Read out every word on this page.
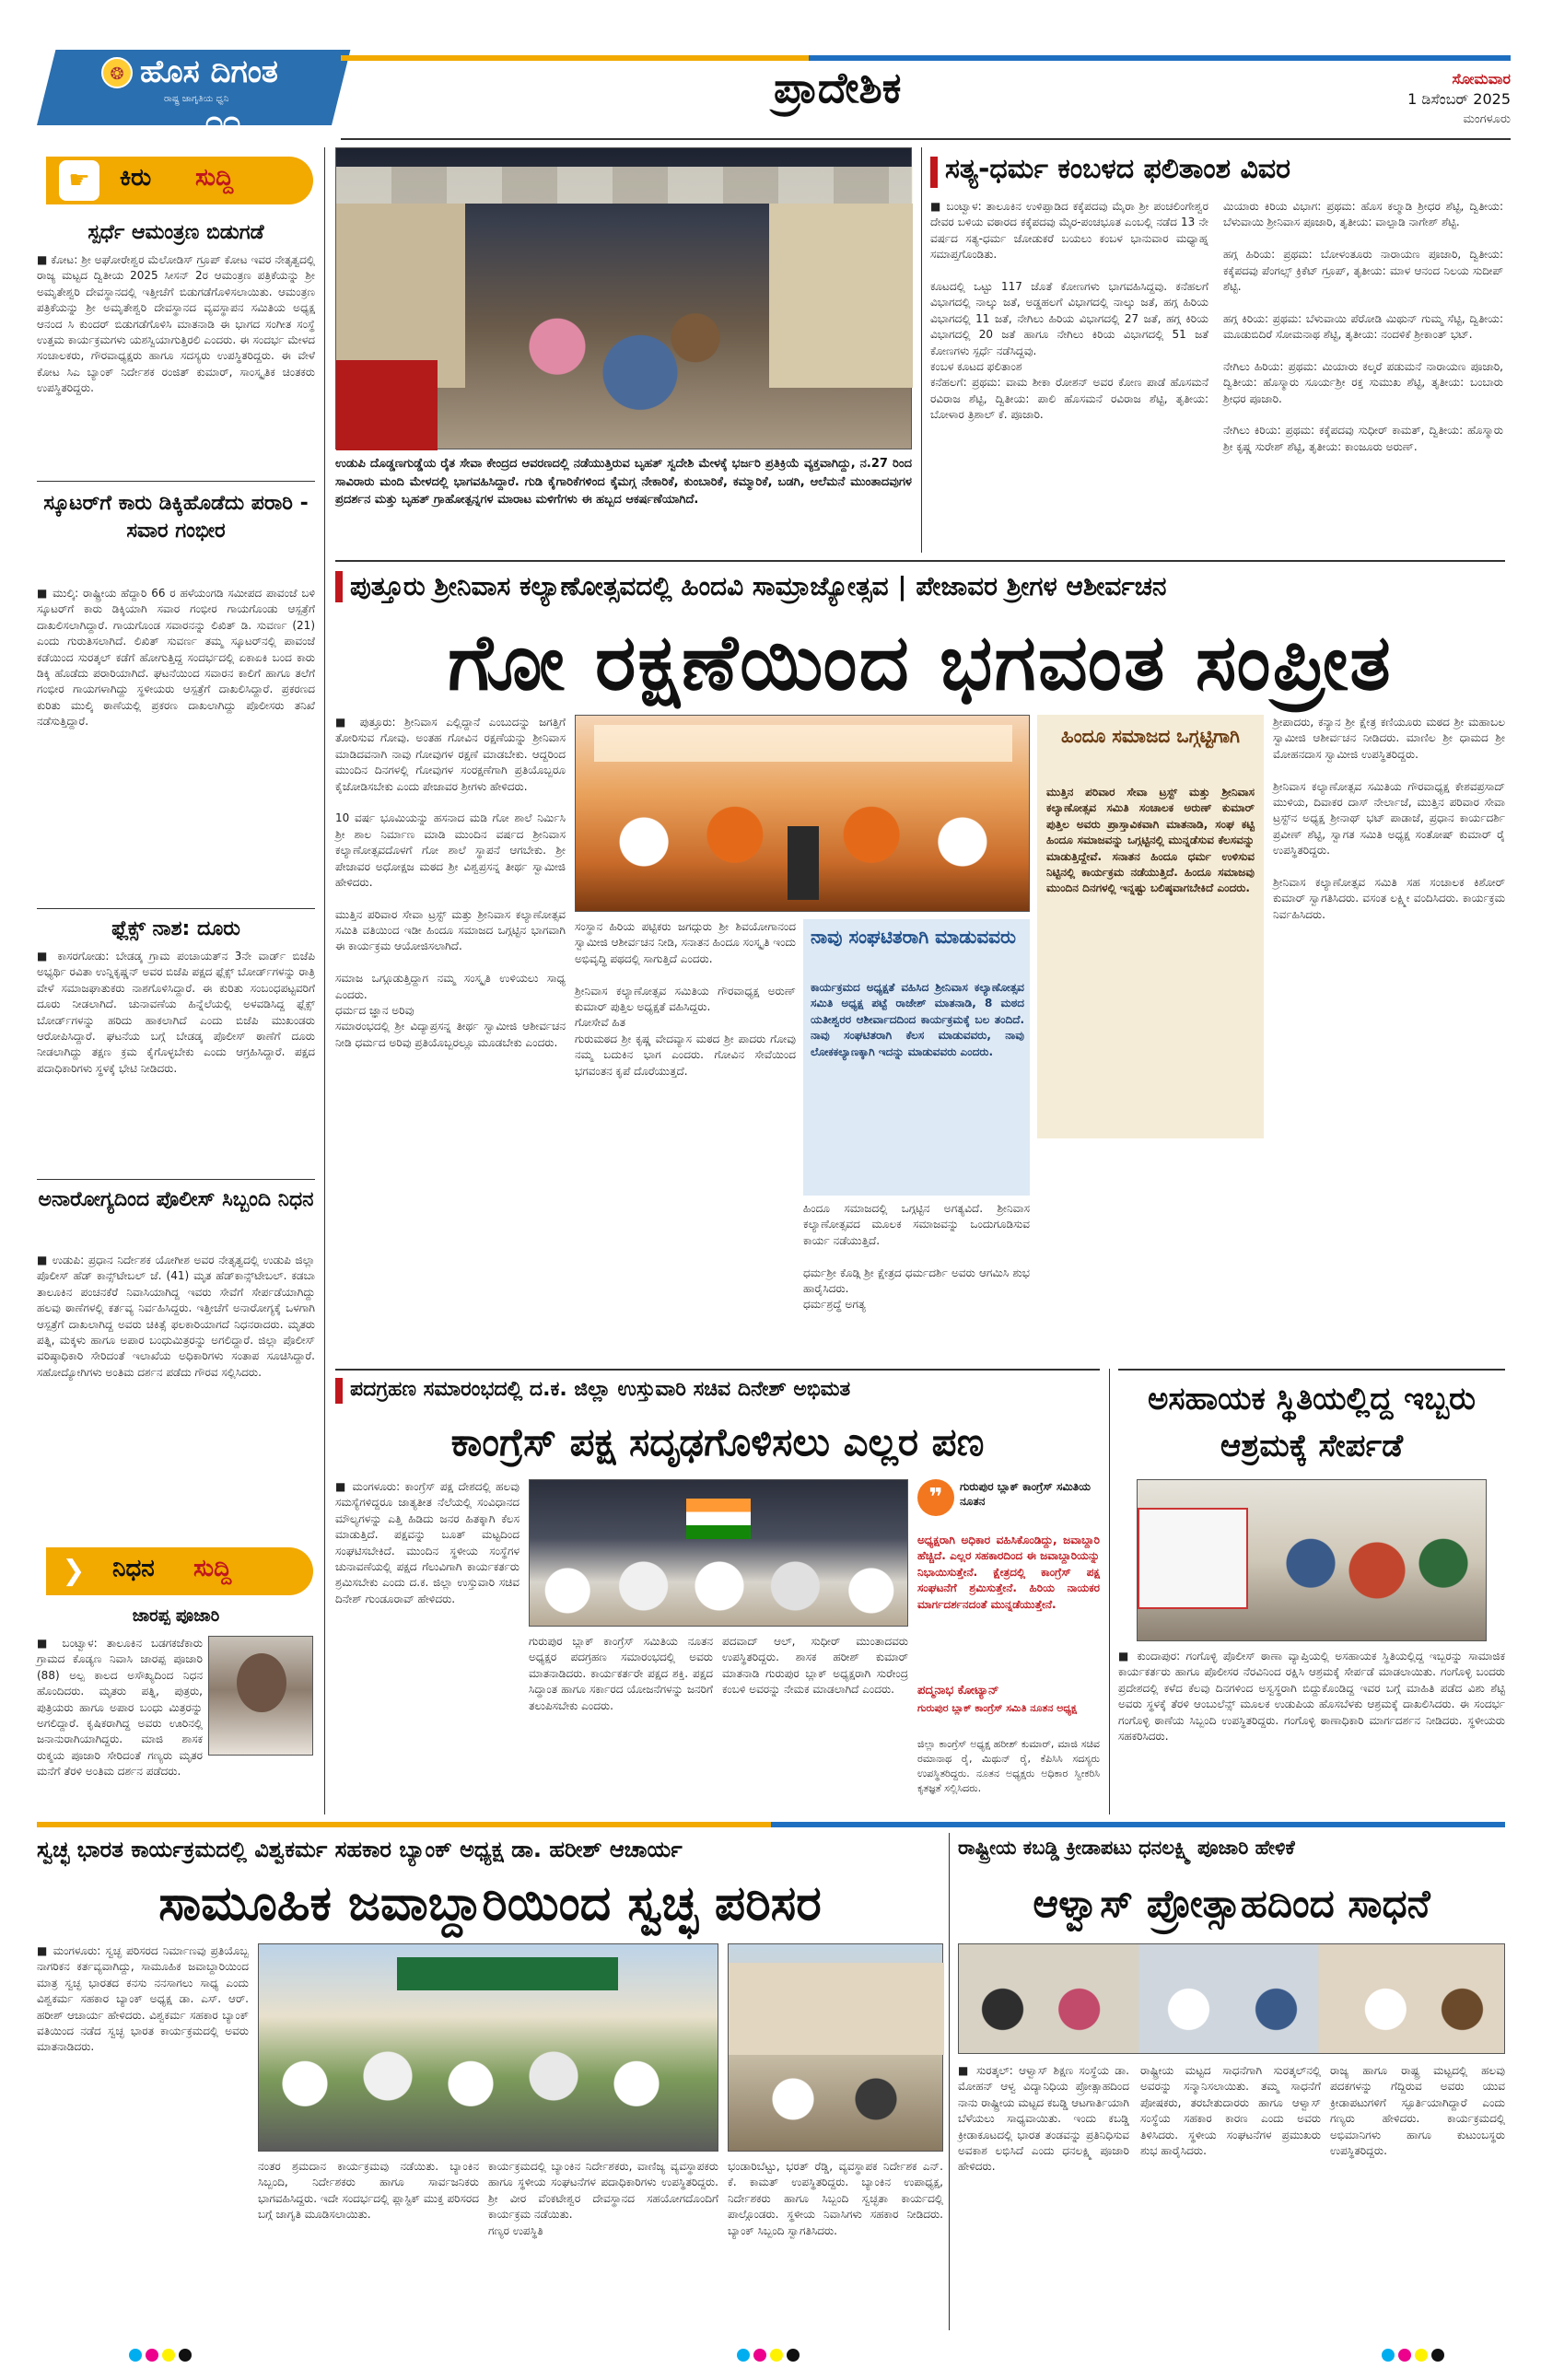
❂ ಹೊಸ ದಿಗಂತ
ರಾಷ್ಟ್ರ ಜಾಗೃತಿಯ ಧ್ವನಿ
೧೧
ಪ್ರಾದೇಶಿಕ	ಸೋಮವಾರ
1 ಡಿಸೆಂಬರ್ 2025
ಮಂಗಳೂರು
☛	ಕಿರು	ಸುದ್ದಿ
ಸ್ಪರ್ಧೆ ಆಮಂತ್ರಣ ಬಿಡುಗಡೆ
■ ಕೋಟ: ಶ್ರೀ ಅಘೋರೇಶ್ವರ ಮೆಲೋಡಿಸ್ ಗ್ರೂಪ್ ಕೋಟ ಇವರ ನೇತೃತ್ವದಲ್ಲಿ ರಾಜ್ಯ ಮಟ್ಟದ ದ್ವಿತೀಯ 2025 ಸೀಸನ್ 2ರ ಆಮಂತ್ರಣ ಪತ್ರಿಕೆಯನ್ನು ಶ್ರೀ ಅಮೃತೇಶ್ವರಿ ದೇವಸ್ಥಾನದಲ್ಲಿ ಇತ್ತೀಚೆಗೆ ಬಿಡುಗಡೆಗೊಳಿಸಲಾಯಿತು. ಆಮಂತ್ರಣ ಪತ್ರಿಕೆಯನ್ನು ಶ್ರೀ ಅಮೃತೇಶ್ವರಿ ದೇವಸ್ಥಾನದ ವ್ಯವಸ್ಥಾಪನ ಸಮಿತಿಯ ಅಧ್ಯಕ್ಷ ಆನಂದ ಸಿ ಕುಂದರ್ ಬಿಡುಗಡೆಗೊಳಿಸಿ ಮಾತನಾಡಿ ಈ ಭಾಗದ ಸಂಗೀತ ಸಂಸ್ಥೆ ಉತ್ತಮ ಕಾರ್ಯಕ್ರಮಗಳು ಯಶಸ್ವಿಯಾಗುತ್ತಿರಲಿ ಎಂದರು. ಈ ಸಂದರ್ಭ ಮೇಳದ ಸಂಚಾಲಕರು, ಗೌರವಾಧ್ಯಕ್ಷರು ಹಾಗೂ ಸದಸ್ಯರು ಉಪಸ್ಥಿತರಿದ್ದರು. ಈ ವೇಳೆ ಕೋಟ ಸಿಎ ಬ್ಯಾಂಕ್ ನಿರ್ದೇಶಕ ರಂಜಿತ್ ಕುಮಾರ್, ಸಾಂಸ್ಕೃತಿಕ ಚಿಂತಕರು ಉಪಸ್ಥಿತರಿದ್ದರು.
ಸ್ಕೂಟರ್‌ಗೆ ಕಾರು ಡಿಕ್ಕಿಹೊಡೆದು ಪರಾರಿ - ಸವಾರ ಗಂಭೀರ
■ ಮುಲ್ಕಿ: ರಾಷ್ಟ್ರೀಯ ಹೆದ್ದಾರಿ 66 ರ ಹಳೆಯಂಗಡಿ ಸಮೀಪದ ಪಾವಂಜೆ ಬಳಿ ಸ್ಕೂಟರ್‌ಗೆ ಕಾರು ಡಿಕ್ಕಿಯಾಗಿ ಸವಾರ ಗಂಭೀರ ಗಾಯಗೊಂಡು ಆಸ್ಪತ್ರೆಗೆ ದಾಖಲಿಸಲಾಗಿದ್ದಾರೆ. ಗಾಯಗೊಂಡ ಸವಾರನನ್ನು ಲಿಖಿತ್ ಡಿ. ಸುವರ್ಣ (21) ಎಂದು ಗುರುತಿಸಲಾಗಿದೆ. ಲಿಖಿತ್ ಸುವರ್ಣ ತಮ್ಮ ಸ್ಕೂಟರ್‌ನಲ್ಲಿ ಪಾವಂಜೆ ಕಡೆಯಿಂದ ಸುರತ್ಕಲ್ ಕಡೆಗೆ ಹೋಗುತ್ತಿದ್ದ ಸಂದರ್ಭದಲ್ಲಿ ಏಕಾಏಕಿ ಬಂದ ಕಾರು ಡಿಕ್ಕಿ ಹೊಡೆದು ಪರಾರಿಯಾಗಿದೆ. ಘಟನೆಯಿಂದ ಸವಾರನ ಕಾಲಿಗೆ ಹಾಗೂ ತಲೆಗೆ ಗಂಭೀರ ಗಾಯಗಳಾಗಿದ್ದು ಸ್ಥಳೀಯರು ಆಸ್ಪತ್ರೆಗೆ ದಾಖಲಿಸಿದ್ದಾರೆ. ಪ್ರಕರಣದ ಕುರಿತು ಮುಲ್ಕಿ ಠಾಣೆಯಲ್ಲಿ ಪ್ರಕರಣ ದಾಖಲಾಗಿದ್ದು ಪೊಲೀಸರು ತನಿಖೆ ನಡೆಸುತ್ತಿದ್ದಾರೆ.
ಫ್ಲೆಕ್ಸ್ ನಾಶ: ದೂರು
■ ಕಾಸರಗೋಡು: ಬೇಡಡ್ಕ ಗ್ರಾಮ ಪಂಚಾಯತ್‌ನ 3ನೇ ವಾರ್ಡ್ ಬಿಜೆಪಿ ಅಭ್ಯರ್ಥಿ ರವಿತಾ ಉನ್ನಿಕೃಷ್ಣನ್ ಅವರ ಬಿಜೆಪಿ ಪಕ್ಷದ ಫ್ಲೆಕ್ಸ್ ಬೋರ್ಡ್‌ಗಳನ್ನು ರಾತ್ರಿ ವೇಳೆ ಸಮಾಜಘಾತುಕರು ನಾಶಗೊಳಿಸಿದ್ದಾರೆ. ಈ ಕುರಿತು ಸಂಬಂಧಪಟ್ಟವರಿಗೆ ದೂರು ನೀಡಲಾಗಿದೆ. ಚುನಾವಣೆಯ ಹಿನ್ನೆಲೆಯಲ್ಲಿ ಅಳವಡಿಸಿದ್ದ ಫ್ಲೆಕ್ಸ್ ಬೋರ್ಡ್‌ಗಳನ್ನು ಹರಿದು ಹಾಕಲಾಗಿದೆ ಎಂದು ಬಿಜೆಪಿ ಮುಖಂಡರು ಆರೋಪಿಸಿದ್ದಾರೆ. ಘಟನೆಯ ಬಗ್ಗೆ ಬೇಡಡ್ಕ ಪೊಲೀಸ್ ಠಾಣೆಗೆ ದೂರು ನೀಡಲಾಗಿದ್ದು ತಕ್ಷಣ ಕ್ರಮ ಕೈಗೊಳ್ಳಬೇಕು ಎಂದು ಆಗ್ರಹಿಸಿದ್ದಾರೆ. ಪಕ್ಷದ ಪದಾಧಿಕಾರಿಗಳು ಸ್ಥಳಕ್ಕೆ ಭೇಟಿ ನೀಡಿದರು.
ಅನಾರೋಗ್ಯದಿಂದ ಪೊಲೀಸ್ ಸಿಬ್ಬಂದಿ ನಿಧನ
■ ಉಡುಪಿ: ಪ್ರಧಾನ ನಿರ್ದೇಶಕ ಯೋಗೀಶ ಅವರ ನೇತೃತ್ವದಲ್ಲಿ ಉಡುಪಿ ಜಿಲ್ಲಾ ಪೊಲೀಸ್ ಹೆಡ್ ಕಾನ್ಸ್‌ಟೇಬಲ್ ಜೆ. (41) ಮೃತ ಹೆಡ್‌ಕಾನ್ಸ್‌ಟೇಬಲ್. ಕಡಬಾ ತಾಲೂಕಿನ ಪಂಚನಕೆರೆ ನಿವಾಸಿಯಾಗಿದ್ದ ಇವರು ಸೇವೆಗೆ ಸೇರ್ಪಡೆಯಾಗಿದ್ದು ಹಲವು ಠಾಣೆಗಳಲ್ಲಿ ಕರ್ತವ್ಯ ನಿರ್ವಹಿಸಿದ್ದರು. ಇತ್ತೀಚೆಗೆ ಅನಾರೋಗ್ಯಕ್ಕೆ ಒಳಗಾಗಿ ಆಸ್ಪತ್ರೆಗೆ ದಾಖಲಾಗಿದ್ದ ಅವರು ಚಿಕಿತ್ಸೆ ಫಲಕಾರಿಯಾಗದೆ ನಿಧನರಾದರು. ಮೃತರು ಪತ್ನಿ, ಮಕ್ಕಳು ಹಾಗೂ ಅಪಾರ ಬಂಧುಮಿತ್ರರನ್ನು ಅಗಲಿದ್ದಾರೆ. ಜಿಲ್ಲಾ ಪೊಲೀಸ್ ವರಿಷ್ಠಾಧಿಕಾರಿ ಸೇರಿದಂತೆ ಇಲಾಖೆಯ ಅಧಿಕಾರಿಗಳು ಸಂತಾಪ ಸೂಚಿಸಿದ್ದಾರೆ. ಸಹೋದ್ಯೋಗಿಗಳು ಅಂತಿಮ ದರ್ಶನ ಪಡೆದು ಗೌರವ ಸಲ್ಲಿಸಿದರು.
❯ ನಿಧನ	ಸುದ್ದಿ
ಜಾರಪ್ಪ ಪೂಜಾರಿ
■ ಬಂಟ್ವಾಳ: ತಾಲೂಕಿನ ಬಡಗಕಜೆಕಾರು ಗ್ರಾಮದ ಕೊಡ್ಯಣ ನಿವಾಸಿ ಜಾರಪ್ಪ ಪೂಜಾರಿ (88) ಅಲ್ಪ ಕಾಲದ ಅಸೌಖ್ಯದಿಂದ ನಿಧನ ಹೊಂದಿದರು. ಮೃತರು ಪತ್ನಿ, ಪುತ್ರರು, ಪುತ್ರಿಯರು ಹಾಗೂ ಅಪಾರ ಬಂಧು ಮಿತ್ರರನ್ನು ಅಗಲಿದ್ದಾರೆ. ಕೃಷಿಕರಾಗಿದ್ದ ಅವರು ಊರಿನಲ್ಲಿ ಜನಾನುರಾಗಿಯಾಗಿದ್ದರು. ಮಾಜಿ ಶಾಸಕ ರುಕ್ಮಯ ಪೂಜಾರಿ ಸೇರಿದಂತೆ ಗಣ್ಯರು ಮೃತರ ಮನೆಗೆ ತೆರಳಿ ಅಂತಿಮ ದರ್ಶನ ಪಡೆದರು.
ಉಡುಪಿ ದೊಡ್ಡಣಗುಡ್ಡೆಯ ರೈತ ಸೇವಾ ಕೇಂದ್ರದ ಆವರಣದಲ್ಲಿ ನಡೆಯುತ್ತಿರುವ ಬೃಹತ್ ಸ್ವದೇಶಿ ಮೇಳಕ್ಕೆ ಭರ್ಜರಿ ಪ್ರತಿಕ್ರಿಯೆ ವ್ಯಕ್ತವಾಗಿದ್ದು, ನ.27 ರಿಂದ ಸಾವಿರಾರು ಮಂದಿ ಮೇಳದಲ್ಲಿ ಭಾಗವಹಿಸಿದ್ದಾರೆ. ಗುಡಿ ಕೈಗಾರಿಕೆಗಳಿಂದ ಕೈಮಗ್ಗ ನೇಕಾರಿಕೆ, ಕುಂಬಾರಿಕೆ, ಕಮ್ಮಾರಿಕೆ, ಬಡಗಿ, ಆಲೆಮನೆ ಮುಂತಾದವುಗಳ ಪ್ರದರ್ಶನ ಮತ್ತು ಬೃಹತ್ ಗ್ರಾಹೋತ್ಪನ್ನಗಳ ಮಾರಾಟ ಮಳಿಗೆಗಳು ಈ ಹಬ್ಬದ ಆಕರ್ಷಣೆಯಾಗಿದೆ.
ಸತ್ಯ-ಧರ್ಮ ಕಂಬಳದ ಫಲಿತಾಂಶ ವಿವರ
■ ಬಂಟ್ವಾಳ: ತಾಲೂಕಿನ ಉಳಿಪ್ಪಾಡಿದ ಕಕ್ಕೆಪದವು ಮೈರಾ ಶ್ರೀ ಪಂಚಲಿಂಗೇಶ್ವರ ದೇವರ ಬಳಿಯ ವಠಾರದ ಕಕ್ಕೆಪದವು ಮೈರ-ಪಂಚಭೂತ ಎಂಬಲ್ಲಿ ನಡೆದ 13 ನೇ ವರ್ಷದ ಸತ್ಯ-ಧರ್ಮ ಜೋಡುಕರೆ ಬಯಲು ಕಂಬಳ ಭಾನುವಾರ ಮಧ್ಯಾಹ್ನ ಸಮಾಪ್ತಗೊಂಡಿತು.

ಕೂಟದಲ್ಲಿ ಒಟ್ಟು 117 ಜೊತೆ ಕೋಣಗಳು ಭಾಗವಹಿಸಿದ್ದವು. ಕನೆಹಲಗೆ ವಿಭಾಗದಲ್ಲಿ ನಾಲ್ಕು ಜತೆ, ಅಡ್ಡಹಲಗೆ ವಿಭಾಗದಲ್ಲಿ ನಾಲ್ಕು ಜತೆ, ಹಗ್ಗ ಹಿರಿಯ ವಿಭಾಗದಲ್ಲಿ 11 ಜತೆ, ನೇಗಿಲು ಹಿರಿಯ ವಿಭಾಗದಲ್ಲಿ 27 ಜತೆ, ಹಗ್ಗ ಕಿರಿಯ ವಿಭಾಗದಲ್ಲಿ 20 ಜತೆ ಹಾಗೂ ನೇಗಿಲು ಕಿರಿಯ ವಿಭಾಗದಲ್ಲಿ 51 ಜತೆ ಕೋಣಗಳು ಸ್ಪರ್ಧೆ ನಡೆಸಿದ್ದವು.
ಕಂಬಳ ಕೂಟದ ಫಲಿತಾಂಶ
ಕನೆಹಲಗೆ: ಪ್ರಥಮ: ವಾಮ ಶೀಕಾ ರೋಶನ್ ಅವರ ಕೋಣ ಪಾಡೆ ಹೊಸಮನೆ ರವಿರಾಜ ಶೆಟ್ಟಿ, ದ್ವಿತೀಯ: ಪಾಲಿ ಹೊಸಮನೆ ರವಿರಾಜ ಶೆಟ್ಟಿ, ತೃತೀಯ: ಬೋಳಾರ ತ್ರಿಶಾಲ್ ಕೆ. ಪೂಜಾರಿ.
ಮಿಯಾರು ಕಿರಿಯ ವಿಭಾಗ: ಪ್ರಥಮ: ಹೊಸ ಕಲ್ಮಾಡಿ ಶ್ರೀಧರ ಶೆಟ್ಟಿ, ದ್ವಿತೀಯ: ಬೆಳುವಾಯಿ ಶ್ರೀನಿವಾಸ ಪೂಜಾರಿ, ತೃತೀಯ: ವಾಲ್ಪಾಡಿ ನಾಗೇಶ್ ಶೆಟ್ಟಿ.

ಹಗ್ಗ ಹಿರಿಯ: ಪ್ರಥಮ: ಬೋಳಂತೂರು ನಾರಾಯಣ ಪೂಜಾರಿ, ದ್ವಿತೀಯ: ಕಕ್ಕೆಪದವು ಪೆಂಗಲ್ಸ್ ಕ್ರಿಕೆಟ್ ಗ್ರೂಪ್, ತೃತೀಯ: ಮಾಳ ಆನಂದ ನಿಲಯ ಸುದೀಪ್ ಶೆಟ್ಟಿ.

ಹಗ್ಗ ಕಿರಿಯ: ಪ್ರಥಮ: ಬೆಳುವಾಯಿ ಪೆರೋಡಿ ಮಿಥುನ್ ಗುಮ್ಮ ಸೆಟ್ಟಿ, ದ್ವಿತೀಯ: ಮೂಡುಬಿದಿರೆ ಸೋಮನಾಥ ಶೆಟ್ಟಿ, ತೃತೀಯ: ನಂದಳಿಕೆ ಶ್ರೀಕಾಂತ್ ಭಟ್.

ನೇಗಿಲು ಹಿರಿಯ: ಪ್ರಥಮ: ಮಿಯಾರು ಕಲ್ಕರೆ ಪಡುಮನೆ ನಾರಾಯಣ ಪೂಜಾರಿ, ದ್ವಿತೀಯ: ಹೊಸ್ಮಾರು ಸೂರ್ಯಶ್ರೀ ರಕ್ತ ಸುಮುಖ ಶೆಟ್ಟಿ, ತೃತೀಯ: ಬಂಬಾರು ಶ್ರೀಧರ ಪೂಜಾರಿ.

ನೇಗಿಲು ಕಿರಿಯ: ಪ್ರಥಮ: ಕಕ್ಕೆಪದವು ಸುಧೀರ್ ಕಾಮತ್, ದ್ವಿತೀಯ: ಹೊಸ್ಮಾರು ಶ್ರೀ ಕೃಷ್ಣ ಸುರೇಶ್ ಶೆಟ್ಟಿ, ತೃತೀಯ: ಕಾಂಜೂರು ಅರುಣ್.
ಪುತ್ತೂರು ಶ್ರೀನಿವಾಸ ಕಲ್ಯಾಣೋತ್ಸವದಲ್ಲಿ ಹಿಂದವಿ ಸಾಮ್ರಾಜ್ಯೋತ್ಸವ | ಪೇಜಾವರ ಶ್ರೀಗಳ ಆಶೀರ್ವಚನ
ಗೋ ರಕ್ಷಣೆಯಿಂದ ಭಗವಂತ ಸಂಪ್ರೀತ
■ ಪುತ್ತೂರು: ಶ್ರೀನಿವಾಸ ಎಲ್ಲಿದ್ದಾನೆ ಎಂಬುದನ್ನು ಜಗತ್ತಿಗೆ ತೋರಿಸುವ ಗೋವು. ಅಂತಹ ಗೋವಿನ ರಕ್ಷಣೆಯನ್ನು ಶ್ರೀನಿವಾಸ ಮಾಡಿದವನಾಗಿ ನಾವು ಗೋವುಗಳ ರಕ್ಷಣೆ ಮಾಡಬೇಕು. ಆದ್ದರಿಂದ ಮುಂದಿನ ದಿನಗಳಲ್ಲಿ ಗೋವುಗಳ ಸಂರಕ್ಷಣೆಗಾಗಿ ಪ್ರತಿಯೊಬ್ಬರೂ ಕೈಜೋಡಿಸಬೇಕು ಎಂದು ಪೇಜಾವರ ಶ್ರೀಗಳು ಹೇಳಿದರು.

10 ವರ್ಷ ಭೂಮಿಯನ್ನು ಹಸನಾದ ಮಡಿ ಗೋ ಶಾಲೆ ನಿರ್ಮಿಸಿ ಶ್ರೀ ಶಾಲ ನಿರ್ಮಾಣ ಮಾಡಿ ಮುಂದಿನ ವರ್ಷದ ಶ್ರೀನಿವಾಸ ಕಲ್ಯಾಣೋತ್ಸವದೊಳಗೆ ಗೋ ಶಾಲೆ ಸ್ಥಾಪನೆ ಆಗಬೇಕು. ಶ್ರೀ ಪೇಜಾವರ ಅಧೋಕ್ಷಜ ಮಠದ ಶ್ರೀ ವಿಶ್ವಪ್ರಸನ್ನ ತೀರ್ಥ ಸ್ವಾಮೀಜಿ ಹೇಳಿದರು.

ಮುತ್ತಿನ ಪರಿವಾರ ಸೇವಾ ಟ್ರಸ್ಟ್ ಮತ್ತು ಶ್ರೀನಿವಾಸ ಕಲ್ಯಾಣೋತ್ಸವ ಸಮಿತಿ ವತಿಯಿಂದ ಇಡೀ ಹಿಂದೂ ಸಮಾಜದ ಒಗ್ಗಟ್ಟಿನ ಭಾಗವಾಗಿ ಈ ಕಾರ್ಯಕ್ರಮ ಆಯೋಜಿಸಲಾಗಿದೆ.

ಸಮಾಜ ಒಗ್ಗೂಡುತ್ತಿದ್ದಾಗ ನಮ್ಮ ಸಂಸ್ಕೃತಿ ಉಳಿಯಲು ಸಾಧ್ಯ ಎಂದರು.
ಧರ್ಮದ ಜ್ಞಾನ ಅರಿವು
ಸಮಾರಂಭದಲ್ಲಿ ಶ್ರೀ ವಿದ್ಯಾಪ್ರಸನ್ನ ತೀರ್ಥ ಸ್ವಾಮೀಜಿ ಆಶೀರ್ವಚನ ನೀಡಿ ಧರ್ಮದ ಅರಿವು ಪ್ರತಿಯೊಬ್ಬರಲ್ಲೂ ಮೂಡಬೇಕು ಎಂದರು.
ಸಂಸ್ಥಾನ ಹಿರಿಯ ಪಟ್ಟಿಕರು ಜಗದ್ಗುರು ಶ್ರೀ ಶಿವಯೋಗಾನಂದ ಸ್ವಾಮೀಜಿ ಆಶೀರ್ವಚನ ನೀಡಿ, ಸನಾತನ ಹಿಂದೂ ಸಂಸ್ಕೃತಿ ಇಂದು ಅಭಿವೃದ್ಧಿ ಪಥದಲ್ಲಿ ಸಾಗುತ್ತಿದೆ ಎಂದರು.

ಶ್ರೀನಿವಾಸ ಕಲ್ಯಾಣೋತ್ಸವ ಸಮಿತಿಯ ಗೌರವಾಧ್ಯಕ್ಷ ಅರುಣ್ ಕುಮಾರ್ ಪುತ್ತಿಲ ಅಧ್ಯಕ್ಷತೆ ವಹಿಸಿದ್ದರು.
ಗೋಸೇವೆ ಹಿತ
ಗುರುಮಠದ ಶ್ರೀ ಕೃಷ್ಣ ವೇದವ್ಯಾಸ ಮಠದ ಶ್ರೀ ಪಾದರು ಗೋವು ನಮ್ಮ ಬದುಕಿನ ಭಾಗ ಎಂದರು. ಗೋವಿನ ಸೇವೆಯಿಂದ ಭಗವಂತನ ಕೃಪೆ ದೊರೆಯುತ್ತದೆ.
ನಾವು ಸಂಘಟಿತರಾಗಿ ಮಾಡುವವರು
ಕಾರ್ಯಕ್ರಮದ ಅಧ್ಯಕ್ಷತೆ ವಹಿಸಿದ ಶ್ರೀನಿವಾಸ ಕಲ್ಯಾಣೋತ್ಸವ ಸಮಿತಿ ಅಧ್ಯಕ್ಷ ಪಟ್ಟೆ ರಾಜೇಶ್ ಮಾತನಾಡಿ, 8 ಮಠದ ಯತೀಶ್ವರರ ಆಶೀರ್ವಾದದಿಂದ ಕಾರ್ಯಕ್ರಮಕ್ಕೆ ಬಲ ತಂದಿದೆ. ನಾವು ಸಂಘಟಿತರಾಗಿ ಕೆಲಸ ಮಾಡುವವರು, ನಾವು ಲೋಕಕಲ್ಯಾಣಕ್ಕಾಗಿ ಇದನ್ನು ಮಾಡುವವರು ಎಂದರು.
ಹಿಂದೂ ಸಮಾಜದಲ್ಲಿ ಒಗ್ಗಟ್ಟಿನ ಅಗತ್ಯವಿದೆ. ಶ್ರೀನಿವಾಸ ಕಲ್ಯಾಣೋತ್ಸವದ ಮೂಲಕ ಸಮಾಜವನ್ನು ಒಂದುಗೂಡಿಸುವ ಕಾರ್ಯ ನಡೆಯುತ್ತಿದೆ.

ಧರ್ಮಶ್ರೀ ಕೊಡ್ಗಿ ಶ್ರೀ ಕ್ಷೇತ್ರದ ಧರ್ಮದರ್ಶಿ ಅವರು ಆಗಮಿಸಿ ಶುಭ ಹಾರೈಸಿದರು.
ಧರ್ಮಶ್ರದ್ಧೆ ಅಗತ್ಯ
ಹಿಂದೂ ಸಮಾಜದ ಒಗ್ಗಟ್ಟಿಗಾಗಿ
ಮುತ್ತಿನ ಪರಿವಾರ ಸೇವಾ ಟ್ರಸ್ಟ್ ಮತ್ತು ಶ್ರೀನಿವಾಸ ಕಲ್ಯಾಣೋತ್ಸವ ಸಮಿತಿ ಸಂಚಾಲಕ ಅರುಣ್ ಕುಮಾರ್ ಪುತ್ತಿಲ ಅವರು ಪ್ರಾಸ್ತಾವಿಕವಾಗಿ ಮಾತನಾಡಿ, ಸಂಘ ಕಟ್ಟಿ ಹಿಂದೂ ಸಮಾಜವನ್ನು ಒಗ್ಗಟ್ಟಿನಲ್ಲಿ ಮುನ್ನಡೆಸುವ ಕೆಲಸವನ್ನು ಮಾಡುತ್ತಿದ್ದೇವೆ. ಸನಾತನ ಹಿಂದೂ ಧರ್ಮ ಉಳಿಸುವ ನಿಟ್ಟಿನಲ್ಲಿ ಕಾರ್ಯಕ್ರಮ ನಡೆಯುತ್ತಿದೆ. ಹಿಂದೂ ಸಮಾಜವು ಮುಂದಿನ ದಿನಗಳಲ್ಲಿ ಇನ್ನಷ್ಟು ಬಲಿಷ್ಠವಾಗಬೇಕಿದೆ ಎಂದರು.
ಶ್ರೀಪಾದರು, ಕನ್ಯಾನ ಶ್ರೀ ಕ್ಷೇತ್ರ ಕಣಿಯೂರು ಮಠದ ಶ್ರೀ ಮಹಾಬಲ ಸ್ವಾಮೀಜಿ ಆಶೀರ್ವಚನ ನೀಡಿದರು. ಮಾಣಿಲ ಶ್ರೀ ಧಾಮದ ಶ್ರೀ ಮೋಹನದಾಸ ಸ್ವಾಮೀಜಿ ಉಪಸ್ಥಿತರಿದ್ದರು.

ಶ್ರೀನಿವಾಸ ಕಲ್ಯಾಣೋತ್ಸವ ಸಮಿತಿಯ ಗೌರವಾಧ್ಯಕ್ಷ ಕೇಶವಪ್ರಸಾದ್ ಮುಳಿಯ, ದಿವಾಕರ ದಾಸ್ ನೇರ್ಲಾಜೆ, ಮುತ್ತಿನ ಪರಿವಾರ ಸೇವಾ ಟ್ರಸ್ಟ್‌ನ ಅಧ್ಯಕ್ಷ ಶ್ರೀನಾಥ್ ಭಟ್ ಪಾಡಾಜೆ, ಪ್ರಧಾನ ಕಾರ್ಯದರ್ಶಿ ಪ್ರವೀಣ್ ಶೆಟ್ಟಿ, ಸ್ವಾಗತ ಸಮಿತಿ ಅಧ್ಯಕ್ಷ ಸಂತೋಷ್ ಕುಮಾರ್ ರೈ ಉಪಸ್ಥಿತರಿದ್ದರು.

ಶ್ರೀನಿವಾಸ ಕಲ್ಯಾಣೋತ್ಸವ ಸಮಿತಿ ಸಹ ಸಂಚಾಲಕ ಕಿಶೋರ್ ಕುಮಾರ್ ಸ್ವಾಗತಿಸಿದರು. ವಸಂತ ಲಕ್ಷ್ಮೀ ವಂದಿಸಿದರು. ಕಾರ್ಯಕ್ರಮ ನಿರ್ವಹಿಸಿದರು.
ಪದಗ್ರಹಣ ಸಮಾರಂಭದಲ್ಲಿ ದ.ಕ. ಜಿಲ್ಲಾ ಉಸ್ತುವಾರಿ ಸಚಿವ ದಿನೇಶ್ ಅಭಿಮತ
ಕಾಂಗ್ರೆಸ್ ಪಕ್ಷ ಸದೃಢಗೊಳಿಸಲು ಎಲ್ಲರ ಪಣ
■ ಮಂಗಳೂರು: ಕಾಂಗ್ರೆಸ್ ಪಕ್ಷ ದೇಶದಲ್ಲಿ ಹಲವು ಸಮಸ್ಯೆಗಳಿದ್ದರೂ ಜಾತ್ಯತೀತ ನೆಲೆಯಲ್ಲಿ ಸಂವಿಧಾನದ ಮೌಲ್ಯಗಳನ್ನು ಎತ್ತಿ ಹಿಡಿದು ಜನರ ಹಿತಕ್ಕಾಗಿ ಕೆಲಸ ಮಾಡುತ್ತಿದೆ. ಪಕ್ಷವನ್ನು ಬೂತ್ ಮಟ್ಟದಿಂದ ಸಂಘಟಿಸಬೇಕಿದೆ. ಮುಂದಿನ ಸ್ಥಳೀಯ ಸಂಸ್ಥೆಗಳ ಚುನಾವಣೆಯಲ್ಲಿ ಪಕ್ಷದ ಗೆಲುವಿಗಾಗಿ ಕಾರ್ಯಕರ್ತರು ಶ್ರಮಿಸಬೇಕು ಎಂದು ದ.ಕ. ಜಿಲ್ಲಾ ಉಸ್ತುವಾರಿ ಸಚಿವ ದಿನೇಶ್ ಗುಂಡೂರಾವ್ ಹೇಳಿದರು.
ಗುರುಪುರ ಬ್ಲಾಕ್ ಕಾಂಗ್ರೆಸ್ ಸಮಿತಿಯ ನೂತನ ಅಧ್ಯಕ್ಷರ ಪದಗ್ರಹಣ ಸಮಾರಂಭದಲ್ಲಿ ಅವರು ಮಾತನಾಡಿದರು. ಕಾರ್ಯಕರ್ತರೇ ಪಕ್ಷದ ಶಕ್ತಿ. ಪಕ್ಷದ ಸಿದ್ಧಾಂತ ಹಾಗೂ ಸರ್ಕಾರದ ಯೋಜನೆಗಳನ್ನು ಜನರಿಗೆ ತಲುಪಿಸಬೇಕು ಎಂದರು.
ಪದವಾದ್ ಆಲ್, ಸುಧೀರ್ ಮುಂತಾದವರು ಉಪಸ್ಥಿತರಿದ್ದರು. ಶಾಸಕ ಹರೀಶ್ ಕುಮಾರ್ ಮಾತನಾಡಿ ಗುರುಪುರ ಬ್ಲಾಕ್ ಅಧ್ಯಕ್ಷರಾಗಿ ಸುರೇಂದ್ರ ಕಂಬಳಿ ಅವರನ್ನು ನೇಮಕ ಮಾಡಲಾಗಿದೆ ಎಂದರು.
❞	ಗುರುಪುರ ಬ್ಲಾಕ್ ಕಾಂಗ್ರೆಸ್ ಸಮಿತಿಯ ನೂತನ
ಅಧ್ಯಕ್ಷರಾಗಿ ಅಧಿಕಾರ ವಹಿಸಿಕೊಂಡಿದ್ದು, ಜವಾಬ್ದಾರಿ ಹೆಚ್ಚಿದೆ. ಎಲ್ಲರ ಸಹಕಾರದಿಂದ ಈ ಜವಾಬ್ದಾರಿಯನ್ನು ನಿಭಾಯಿಸುತ್ತೇನೆ. ಕ್ಷೇತ್ರದಲ್ಲಿ ಕಾಂಗ್ರೆಸ್ ಪಕ್ಷ ಸಂಘಟನೆಗೆ ಶ್ರಮಿಸುತ್ತೇನೆ. ಹಿರಿಯ ನಾಯಕರ ಮಾರ್ಗದರ್ಶನದಂತೆ ಮುನ್ನಡೆಯುತ್ತೇನೆ.
ಪದ್ಮನಾಭ ಕೋಟ್ಯಾನ್
ಗುರುಪುರ ಬ್ಲಾಕ್ ಕಾಂಗ್ರೆಸ್ ಸಮಿತಿ ನೂತನ ಅಧ್ಯಕ್ಷ
ಜಿಲ್ಲಾ ಕಾಂಗ್ರೆಸ್ ಅಧ್ಯಕ್ಷ ಹರೀಶ್ ಕುಮಾರ್, ಮಾಜಿ ಸಚಿವ ರಮಾನಾಥ ರೈ, ಮಿಥುನ್ ರೈ, ಕೆಪಿಸಿಸಿ ಸದಸ್ಯರು ಉಪಸ್ಥಿತರಿದ್ದರು. ನೂತನ ಅಧ್ಯಕ್ಷರು ಅಧಿಕಾರ ಸ್ವೀಕರಿಸಿ ಕೃತಜ್ಞತೆ ಸಲ್ಲಿಸಿದರು.
ಅಸಹಾಯಕ ಸ್ಥಿತಿಯಲ್ಲಿದ್ದ ಇಬ್ಬರು ಆಶ್ರಮಕ್ಕೆ ಸೇರ್ಪಡೆ
■ ಕುಂದಾಪುರ: ಗಂಗೊಳ್ಳಿ ಪೊಲೀಸ್ ಠಾಣಾ ವ್ಯಾಪ್ತಿಯಲ್ಲಿ ಅಸಹಾಯಕ ಸ್ಥಿತಿಯಲ್ಲಿದ್ದ ಇಬ್ಬರನ್ನು ಸಾಮಾಜಿಕ ಕಾರ್ಯಕರ್ತರು ಹಾಗೂ ಪೊಲೀಸರ ನೆರವಿನಿಂದ ರಕ್ಷಿಸಿ ಆಶ್ರಮಕ್ಕೆ ಸೇರ್ಪಡೆ ಮಾಡಲಾಯಿತು. ಗಂಗೊಳ್ಳಿ ಬಂದರು ಪ್ರದೇಶದಲ್ಲಿ ಕಳೆದ ಕೆಲವು ದಿನಗಳಿಂದ ಅಸ್ವಸ್ಥರಾಗಿ ಬಿದ್ದುಕೊಂಡಿದ್ದ ಇವರ ಬಗ್ಗೆ ಮಾಹಿತಿ ಪಡೆದ ವಿಶು ಶೆಟ್ಟಿ ಅವರು ಸ್ಥಳಕ್ಕೆ ತೆರಳಿ ಆಂಬುಲೆನ್ಸ್ ಮೂಲಕ ಉಡುಪಿಯ ಹೊಸಬೆಳಕು ಆಶ್ರಮಕ್ಕೆ ದಾಖಲಿಸಿದರು. ಈ ಸಂದರ್ಭ ಗಂಗೊಳ್ಳಿ ಠಾಣೆಯ ಸಿಬ್ಬಂದಿ ಉಪಸ್ಥಿತರಿದ್ದರು. ಗಂಗೊಳ್ಳಿ ಠಾಣಾಧಿಕಾರಿ ಮಾರ್ಗದರ್ಶನ ನೀಡಿದರು. ಸ್ಥಳೀಯರು ಸಹಕರಿಸಿದರು.
ಸ್ವಚ್ಛ ಭಾರತ ಕಾರ್ಯಕ್ರಮದಲ್ಲಿ ವಿಶ್ವಕರ್ಮ ಸಹಕಾರ ಬ್ಯಾಂಕ್ ಅಧ್ಯಕ್ಷ ಡಾ. ಹರೀಶ್ ಆಚಾರ್ಯ
ಸಾಮೂಹಿಕ ಜವಾಬ್ದಾರಿಯಿಂದ ಸ್ವಚ್ಛ ಪರಿಸರ
■ ಮಂಗಳೂರು: ಸ್ವಚ್ಛ ಪರಿಸರದ ನಿರ್ಮಾಣವು ಪ್ರತಿಯೊಬ್ಬ ನಾಗರಿಕನ ಕರ್ತವ್ಯವಾಗಿದ್ದು, ಸಾಮೂಹಿಕ ಜವಾಬ್ದಾರಿಯಿಂದ ಮಾತ್ರ ಸ್ವಚ್ಛ ಭಾರತದ ಕನಸು ನನಸಾಗಲು ಸಾಧ್ಯ ಎಂದು ವಿಶ್ವಕರ್ಮ ಸಹಕಾರ ಬ್ಯಾಂಕ್ ಅಧ್ಯಕ್ಷ ಡಾ. ಎಸ್. ಆರ್. ಹರೀಶ್ ಆಚಾರ್ಯ ಹೇಳಿದರು. ವಿಶ್ವಕರ್ಮ ಸಹಕಾರ ಬ್ಯಾಂಕ್ ವತಿಯಿಂದ ನಡೆದ ಸ್ವಚ್ಛ ಭಾರತ ಕಾರ್ಯಕ್ರಮದಲ್ಲಿ ಅವರು ಮಾತನಾಡಿದರು.
ನಂತರ ಶ್ರಮದಾನ ಕಾರ್ಯಕ್ರಮವು ನಡೆಯಿತು. ಬ್ಯಾಂಕಿನ ಸಿಬ್ಬಂದಿ, ನಿರ್ದೇಶಕರು ಹಾಗೂ ಸಾರ್ವಜನಿಕರು ಭಾಗವಹಿಸಿದ್ದರು. ಇದೇ ಸಂದರ್ಭದಲ್ಲಿ ಪ್ಲಾಸ್ಟಿಕ್ ಮುಕ್ತ ಪರಿಸರದ ಬಗ್ಗೆ ಜಾಗೃತಿ ಮೂಡಿಸಲಾಯಿತು.
ಕಾರ್ಯಕ್ರಮದಲ್ಲಿ ಬ್ಯಾಂಕಿನ ನಿರ್ದೇಶಕರು, ವಾಣಿಜ್ಯ ವ್ಯವಸ್ಥಾಪಕರು ಹಾಗೂ ಸ್ಥಳೀಯ ಸಂಘಟನೆಗಳ ಪದಾಧಿಕಾರಿಗಳು ಉಪಸ್ಥಿತರಿದ್ದರು. ಶ್ರೀ ವೀರ ವೆಂಕಟೇಶ್ವರ ದೇವಸ್ಥಾನದ ಸಹಯೋಗದೊಂದಿಗೆ ಕಾರ್ಯಕ್ರಮ ನಡೆಯಿತು.
ಗಣ್ಯರ ಉಪಸ್ಥಿತಿ
ಭಂಡಾರಿಬೆಟ್ಟು, ಭರತ್ ರೆಡ್ಡಿ, ವ್ಯವಸ್ಥಾಪಕ ನಿರ್ದೇಶಕ ಎನ್. ಕೆ. ಕಾಮತ್ ಉಪಸ್ಥಿತರಿದ್ದರು. ಬ್ಯಾಂಕಿನ ಉಪಾಧ್ಯಕ್ಷ, ನಿರ್ದೇಶಕರು ಹಾಗೂ ಸಿಬ್ಬಂದಿ ಸ್ವಚ್ಛತಾ ಕಾರ್ಯದಲ್ಲಿ ಪಾಲ್ಗೊಂಡರು. ಸ್ಥಳೀಯ ನಿವಾಸಿಗಳು ಸಹಕಾರ ನೀಡಿದರು. ಬ್ಯಾಂಕ್ ಸಿಬ್ಬಂದಿ ಸ್ವಾಗತಿಸಿದರು.
ರಾಷ್ಟ್ರೀಯ ಕಬಡ್ಡಿ ಕ್ರೀಡಾಪಟು ಧನಲಕ್ಷ್ಮಿ ಪೂಜಾರಿ ಹೇಳಿಕೆ
ಆಳ್ವಾಸ್ ಪ್ರೋತ್ಸಾಹದಿಂದ ಸಾಧನೆ
■ ಸುರತ್ಕಲ್: ಆಳ್ವಾಸ್ ಶಿಕ್ಷಣ ಸಂಸ್ಥೆಯ ಡಾ. ಮೋಹನ್ ಆಳ್ವ ವಿದ್ಯಾನಿಧಿಯ ಪ್ರೋತ್ಸಾಹದಿಂದ ನಾನು ರಾಷ್ಟ್ರೀಯ ಮಟ್ಟದ ಕಬಡ್ಡಿ ಆಟಗಾರ್ತಿಯಾಗಿ ಬೆಳೆಯಲು ಸಾಧ್ಯವಾಯಿತು. ಇಂದು ಕಬಡ್ಡಿ ಕ್ರೀಡಾಕೂಟದಲ್ಲಿ ಭಾರತ ತಂಡವನ್ನು ಪ್ರತಿನಿಧಿಸುವ ಅವಕಾಶ ಲಭಿಸಿದೆ ಎಂದು ಧನಲಕ್ಷ್ಮಿ ಪೂಜಾರಿ ಹೇಳಿದರು.
ರಾಷ್ಟ್ರೀಯ ಮಟ್ಟದ ಸಾಧನೆಗಾಗಿ ಸುರತ್ಕಲ್‌ನಲ್ಲಿ ಅವರನ್ನು ಸನ್ಮಾನಿಸಲಾಯಿತು. ತಮ್ಮ ಸಾಧನೆಗೆ ಪೋಷಕರು, ತರಬೇತುದಾರರು ಹಾಗೂ ಆಳ್ವಾಸ್ ಸಂಸ್ಥೆಯ ಸಹಕಾರ ಕಾರಣ ಎಂದು ಅವರು ತಿಳಿಸಿದರು. ಸ್ಥಳೀಯ ಸಂಘಟನೆಗಳ ಪ್ರಮುಖರು ಶುಭ ಹಾರೈಸಿದರು.
ರಾಜ್ಯ ಹಾಗೂ ರಾಷ್ಟ್ರ ಮಟ್ಟದಲ್ಲಿ ಹಲವು ಪದಕಗಳನ್ನು ಗೆದ್ದಿರುವ ಅವರು ಯುವ ಕ್ರೀಡಾಪಟುಗಳಿಗೆ ಸ್ಫೂರ್ತಿಯಾಗಿದ್ದಾರೆ ಎಂದು ಗಣ್ಯರು ಹೇಳಿದರು. ಕಾರ್ಯಕ್ರಮದಲ್ಲಿ ಅಭಿಮಾನಿಗಳು ಹಾಗೂ ಕುಟುಂಬಸ್ಥರು ಉಪಸ್ಥಿತರಿದ್ದರು.
